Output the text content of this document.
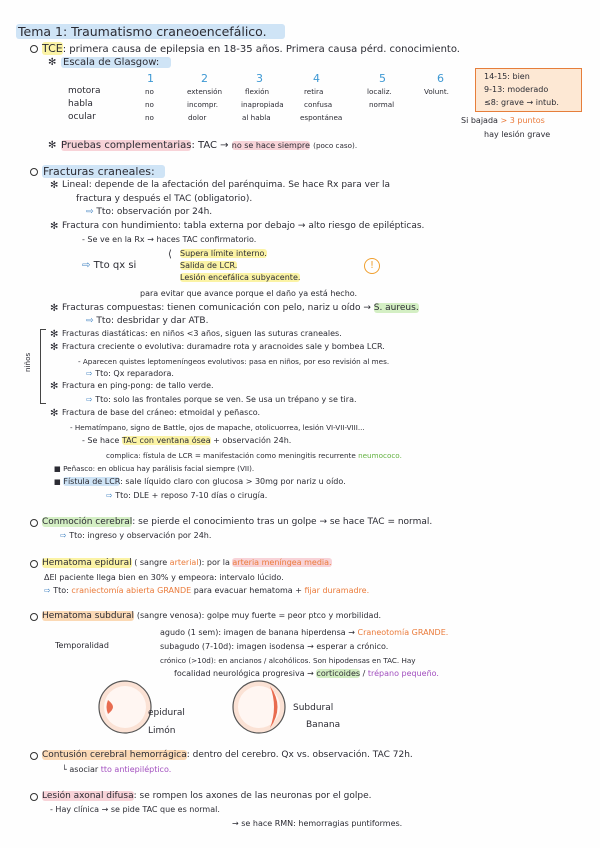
Tema 1: Traumatismo craneoencefálico.
TCE: primera causa de epilepsia en 18-35 años. Primera causa pérd. conocimiento.
✻ Escala de Glasgow:
1	2	3	4	5	6
motora	no	extensión	flexión	retira	localiz.	Volunt.
habla	no	incompr.	inapropiada	confusa	normal
ocular	no	dolor	al habla	espontánea
14-15: bien
9-13: moderado
≤8: grave → intub.
Si bajada > 3 puntos
hay lesión grave
✻ Pruebas complementarias: TAC → no se hace siempre (poco caso).
Fracturas craneales:
✻ Lineal: depende de la afectación del parénquima. Se hace Rx para ver la
fractura y después el TAC (obligatorio).
⇨ Tto: observación por 24h.
✻ Fractura con hundimiento: tabla externa por debajo → alto riesgo de epilépticas.
- Se ve en la Rx → haces TAC confirmatorio.
⇨ Tto qx si
⟨ Supera límite interno.
Salida de LCR.
Lesión encefálica subyacente.
!
para evitar que avance porque el daño ya está hecho.
✻ Fracturas compuestas: tienen comunicación con pelo, nariz u oído → S. aureus.
⇨ Tto: desbridar y dar ATB.
niños
✻ Fracturas diastáticas: en niños <3 años, siguen las suturas craneales.
✻ Fractura creciente o evolutiva: duramadre rota y aracnoides sale y bombea LCR.
- Aparecen quistes leptomeníngeos evolutivos: pasa en niños, por eso revisión al mes.
⇨ Tto: Qx reparadora.
✻ Fractura en ping-pong: de tallo verde.
⇨ Tto: solo las frontales porque se ven. Se usa un trépano y se tira.
✻ Fractura de base del cráneo: etmoidal y peñasco.
- Hematímpano, signo de Battle, ojos de mapache, otolicuorrea, lesión VI-VII-VIII...
- Se hace TAC con ventana ósea + observación 24h.
complica: fístula de LCR = manifestación como meningitis recurrente neumococo.
■ Peñasco: en oblicua hay parálisis facial siempre (VII).
■ Fístula de LCR: sale líquido claro con glucosa > 30mg por nariz u oído.
⇨ Tto: DLE + reposo 7-10 días o cirugía.
Conmoción cerebral: se pierde el conocimiento tras un golpe → se hace TAC = normal.
⇨ Tto: ingreso y observación por 24h.
Hematoma epidural ( sangre arterial): por la arteria meníngea media.
ΔEl paciente llega bien en 30% y empeora: intervalo lúcido.
⇨ Tto: craniectomía abierta GRANDE para evacuar hematoma + fijar duramadre.
Hematoma subdural (sangre venosa): golpe muy fuerte = peor ptco y morbilidad.
Temporalidad
agudo (1 sem): imagen de banana hiperdensa → Craneotomía GRANDE.
subagudo (7-10d): imagen isodensa → esperar a crónico.
crónico (>10d): en ancianos / alcohólicos. Son hipodensas en TAC. Hay
focalidad neurológica progresiva → corticoides / trépano pequeño.
epidural
Limón
Subdural
Banana
Contusión cerebral hemorrágica: dentro del cerebro. Qx vs. observación. TAC 72h.
└ asociar tto antiepiléptico.
Lesión axonal difusa: se rompen los axones de las neuronas por el golpe.
- Hay clínica → se pide TAC que es normal.
→ se hace RMN: hemorragias puntiformes.
